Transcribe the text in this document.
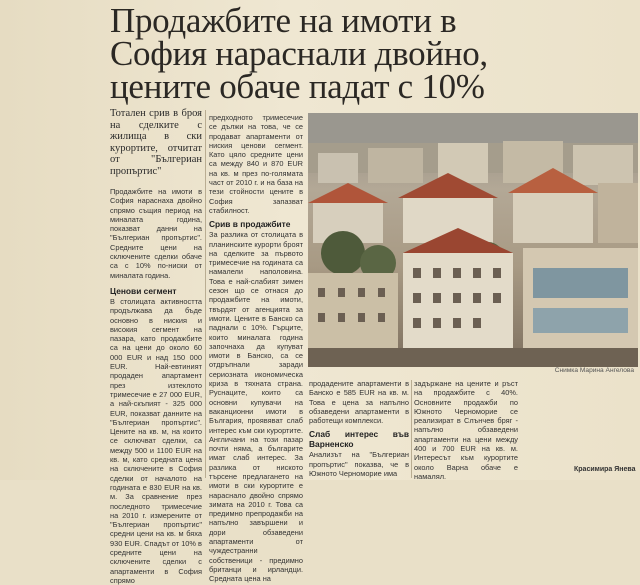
Продажбите на имоти в
София нараснали двойно,
цените обаче падат с 10%

Тотален срив в броя на сделките с жилища в ски курортите, отчитат от "Бългериан пропъртис"

Продажбите на имоти в София нараснаха двойно спрямо същия период на миналата година, показват данни на "Бългериан пропъртис". Средните цени на сключените сделки обаче са с 10% по-ниски от миналата година.

Ценови сегмент

В столицата активността продължава да бъде основно в ниския и високия сегмент на пазара, като продажбите са на цени до около 60 000 EUR и над 150 000 EUR. Най-евтиният продаден апартамент през изтеклото тримесечие е 27 000 EUR, а най-скъпият - 325 000 EUR, показват данните на "Бългериан пропъртис". Цените на кв. м, на които се сключват сделки, са между 500 и 1100 EUR на кв. м, като средната цена на сключените в София сделки от началото на годината е 830 EUR на кв. м. За сравнение през последното тримесечие на 2010 г. измерените от "Бългериан пропъртис" средни цени на кв. м бяха 930 EUR. Спадът от 10% в средните цени на сключените сделки с апартаменти в София спрямо

предходното тримесечие се дължи на това, че се продават апартаменти от ниския ценови сегмент. Като цяло средните цени са между 840 и 870 EUR на кв. м през по-голямата част от 2010 г. и на база на тези стойности цените в София запазват стабилност.

Срив в продажбите

За разлика от столицата в планинските курорти броят на сделките за първото тримесечие на годината са намалели наполовина. Това е най-слабият зимен сезон що се отнася до продажбите на имоти, твърдят от агенцията за имоти. Цените в Банско са паднали с 10%. Гърците, които миналата година започнаха да купуват имоти в Банско, са се отдръпнали заради сериозната икономическа криза в тяхната страна. Руснаците, които са основни купувачи на ваканционни имоти в България, проявяват слаб интерес към ски курортите. Англичани на този пазар почти няма, а българите имат слаб интерес. За разлика от ниското търсене предлагането на имоти в ски курортите е нараснало двойно спрямо зимата на 2010 г. Това са предимно препродажби на напълно завършени и дори обзаведени апартаменти от чуждестранни собственици - предимно британци и ирландци. Средната цена на

Снимка Марина Ангелова

продадените апартаменти в Банско е 585 EUR на кв. м. Това е цена за напълно обзаведени апартаменти в работещи комплекси.

Слаб интерес във Варненско

Анализът на "Бългериан пропъртис" показва, че в Южното Черноморие има

задържане на цените и ръст на продажбите с 40%. Основните продажби по Южното Черноморие се реализират в Слънчев бряг - напълно обзаведени апартаменти на цени между 400 и 700 EUR на кв. м. Интересът към курортите около Варна обаче е намалял.

Красимира Янева
